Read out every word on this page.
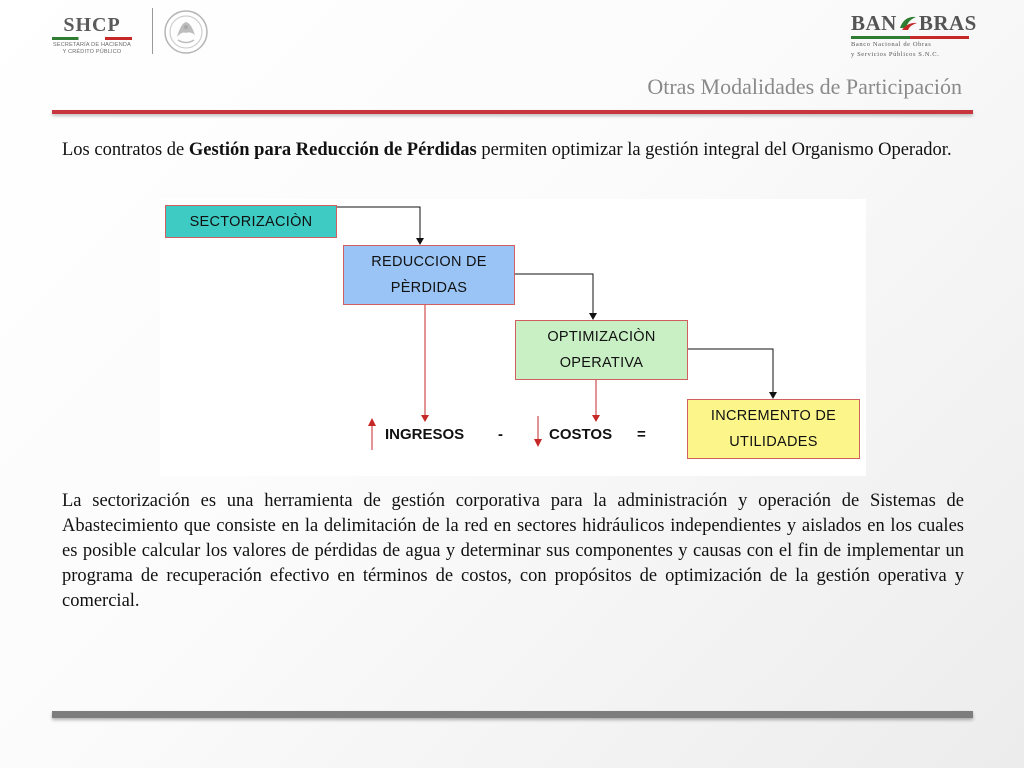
SHCP
SECRETARÍA DE HACIENDA
Y CRÉDITO PÚBLICO
BAN BRAS
Banco Nacional de Obras
y Servicios Públicos S.N.C.
Otras Modalidades de Participación

Los contratos de Gestión para Reducción de Pérdidas permiten optimizar la gestión integral del Organismo Operador.

SECTORIZACIÒN
REDUCCION DE
PÈRDIDAS
OPTIMIZACIÒN
OPERATIVA
INCREMENTO DE
UTILIDADES
INGRESOS -	COSTOS =

La sectorización es una herramienta de gestión corporativa para la administración y operación de Sistemas de Abastecimiento que consiste en la delimitación de la red en sectores hidráulicos independientes y aislados en los cuales es posible calcular los valores de pérdidas de agua y determinar sus componentes y causas con el fin de implementar un programa de recuperación efectivo en términos de costos, con propósitos de optimización de la gestión operativa y comercial.
